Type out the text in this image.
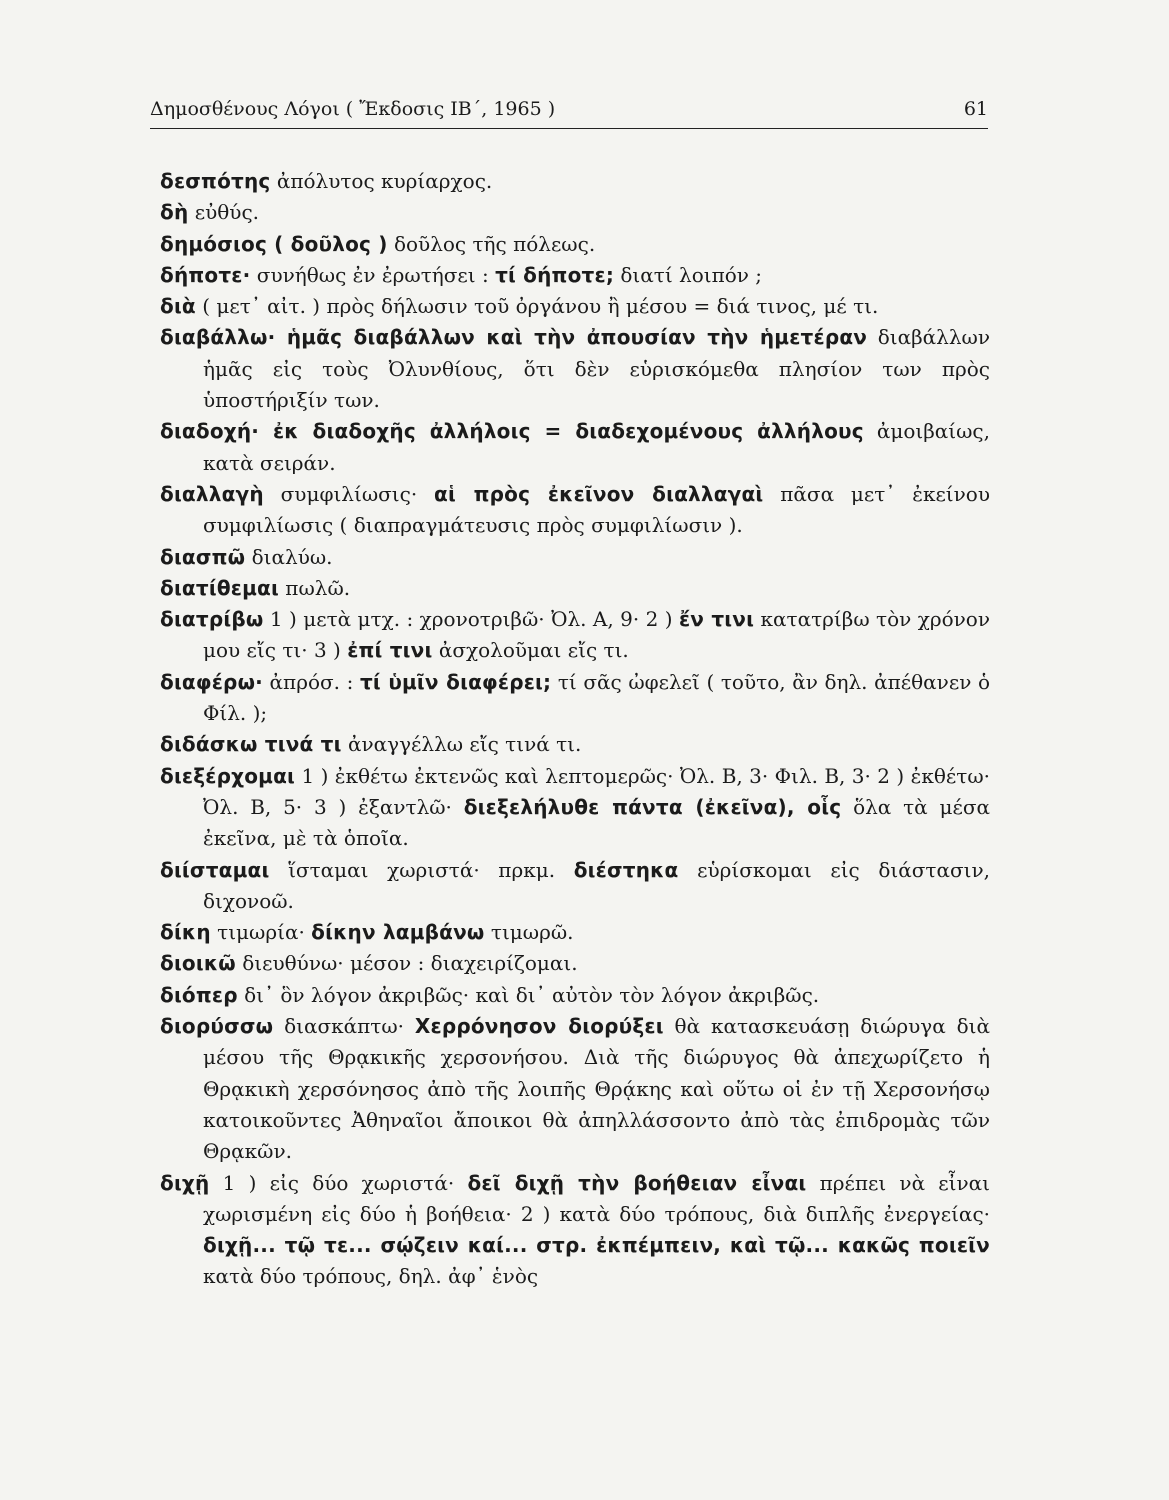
Δημοσθένους Λόγοι ( Ἔκδοσις ΙΒ΄, 1965 )	61
δεσπότης ἀπόλυτος κυρίαρχος.
δὴ εὐθύς.
δημόσιος ( δοῦλος ) δοῦλος τῆς πόλεως.
δήποτε· συνήθως ἐν ἐρωτήσει : τί δήποτε; διατί λοιπόν ;
διὰ ( μετ᾽ αἰτ. ) πρὸς δήλωσιν τοῦ ὀργάνου ἢ μέσου = διά τινος, μέ τι.
διαβάλλω· ἡμᾶς διαβάλλων καὶ τὴν ἀπουσίαν τὴν ἡμετέραν διαβάλλων ἡμᾶς εἰς τοὺς Ὀλυνθίους, ὅτι δὲν εὑρισκόμεθα πλησίον των πρὸς ὑποστήριξίν των.
διαδοχή· ἐκ διαδοχῆς ἀλλήλοις = διαδεχομένους ἀλλήλους ἀμοιβαίως, κατὰ σειράν.
διαλλαγὴ συμφιλίωσις· αἱ πρὸς ἐκεῖνον διαλλαγαὶ πᾶσα μετ᾽ ἐκείνου συμφιλίωσις ( διαπραγμάτευσις πρὸς συμφιλίωσιν ).
διασπῶ διαλύω.
διατίθεμαι πωλῶ.
διατρίβω 1 ) μετὰ μτχ. : χρονοτριβῶ· Ὀλ. Α, 9· 2 ) ἔν τινι κατατρίβω τὸν χρόνον μου εἴς τι· 3 ) ἐπί τινι ἀσχολοῦμαι εἴς τι.
διαφέρω· ἀπρόσ. : τί ὑμῖν διαφέρει; τί σᾶς ὠφελεῖ ( τοῦτο, ἂν δηλ. ἀπέθανεν ὁ Φίλ. );
διδάσκω τινά τι ἀναγγέλλω εἴς τινά τι.
διεξέρχομαι 1 ) ἐκθέτω ἐκτενῶς καὶ λεπτομερῶς· Ὀλ. Β, 3· Φιλ. Β, 3· 2 ) ἐκθέτω· Ὀλ. Β, 5· 3 ) ἐξαντλῶ· διεξελήλυθε πάντα (ἐκεῖνα), οἷς ὅλα τὰ μέσα ἐκεῖνα, μὲ τὰ ὁποῖα.
διίσταμαι ἵσταμαι χωριστά· πρκμ. διέστηκα εὑρίσκομαι εἰς διάστασιν, διχονοῶ.
δίκη τιμωρία· δίκην λαμβάνω τιμωρῶ.
διοικῶ διευθύνω· μέσον : διαχειρίζομαι.
διόπερ δι᾽ ὃν λόγον ἀκριβῶς· καὶ δι᾽ αὐτὸν τὸν λόγον ἀκριβῶς.
διορύσσω διασκάπτω· Χερρόνησον διορύξει θὰ κατασκευάσῃ διώρυγα διὰ μέσου τῆς Θρᾳκικῆς χερσονήσου. Διὰ τῆς διώρυγος θὰ ἀπεχωρίζετο ἡ Θρᾳκικὴ χερσόνησος ἀπὸ τῆς λοιπῆς Θρᾴκης καὶ οὕτω οἱ ἐν τῇ Χερσονήσῳ κατοικοῦντες Ἀθηναῖοι ἄποικοι θὰ ἀπηλλάσσοντο ἀπὸ τὰς ἐπιδρομὰς τῶν Θρᾳκῶν.
διχῇ 1 ) εἰς δύο χωριστά· δεῖ διχῇ τὴν βοήθειαν εἶναι πρέπει νὰ εἶναι χωρισμένη εἰς δύο ἡ βοήθεια· 2 ) κατὰ δύο τρόπους, διὰ διπλῆς ἐνεργείας· διχῇ... τῷ τε... σῴζειν καί... στρ. ἐκπέμπειν, καὶ τῷ... κακῶς ποιεῖν κατὰ δύο τρόπους, δηλ. ἀφ᾽ ἑνὸς
